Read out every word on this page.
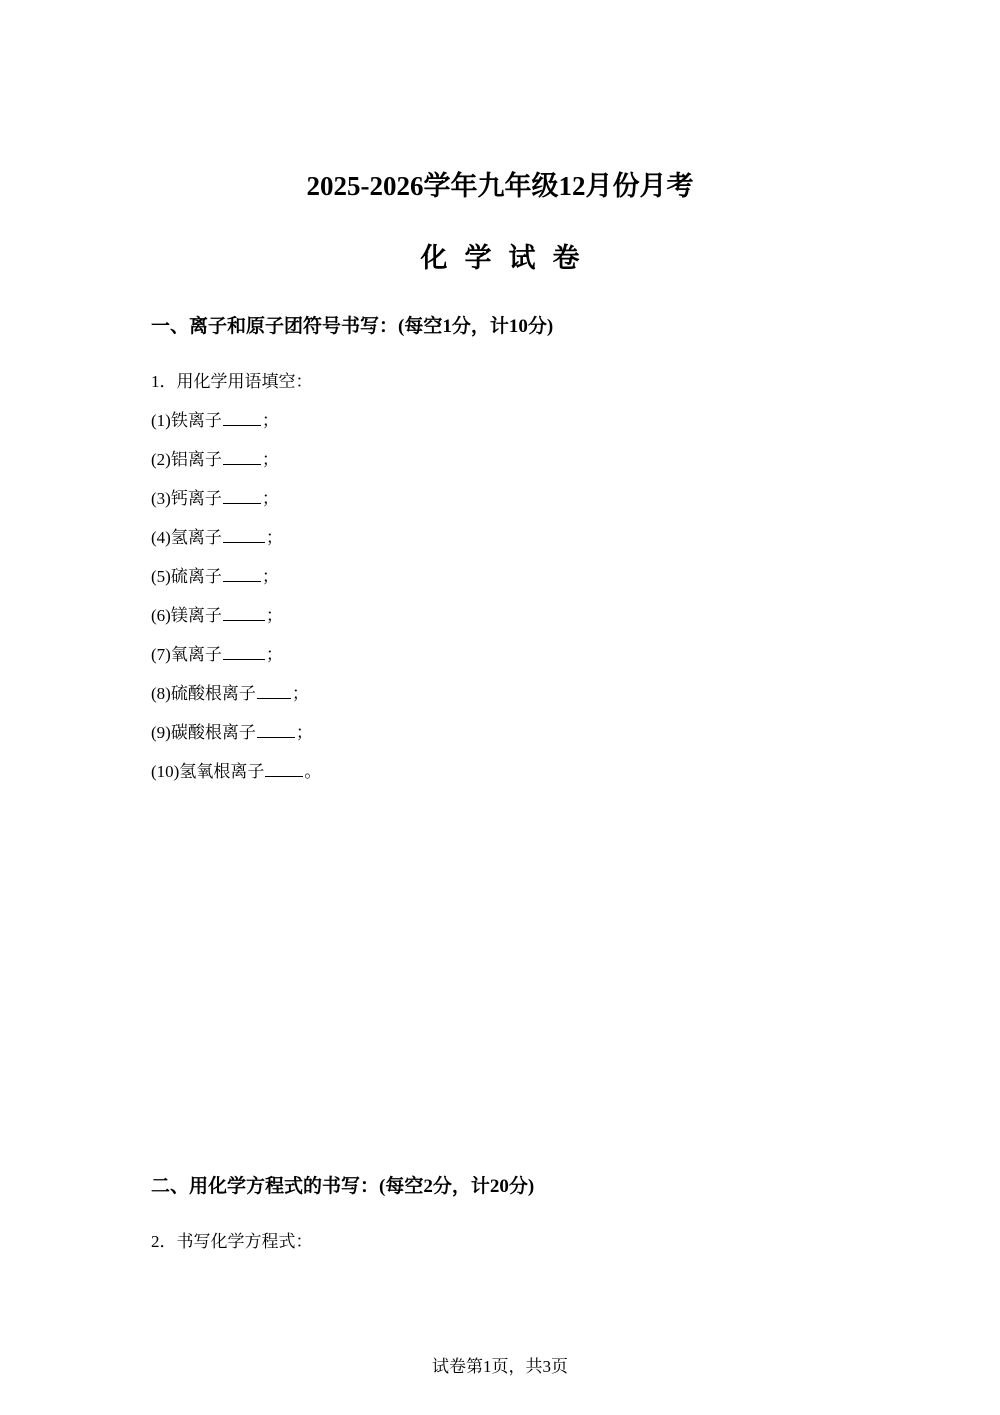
2025-2026学年九年级12月份月考
化学试卷
一、离子和原子团符号书写：(每空1分，计10分)
1．用化学用语填空：
(1)铁离子 ；
(2)铝离子 ；
(3)钙离子 ；
(4)氢离子	；
(5)硫离子 ；
(6)镁离子	；
(7)氧离子	；
(8)硫酸根离子 ；
(9)碳酸根离子 ；
(10)氢氧根离子 。
二、用化学方程式的书写：(每空2分，计20分)
2．书写化学方程式：
试卷第1页，共3页
